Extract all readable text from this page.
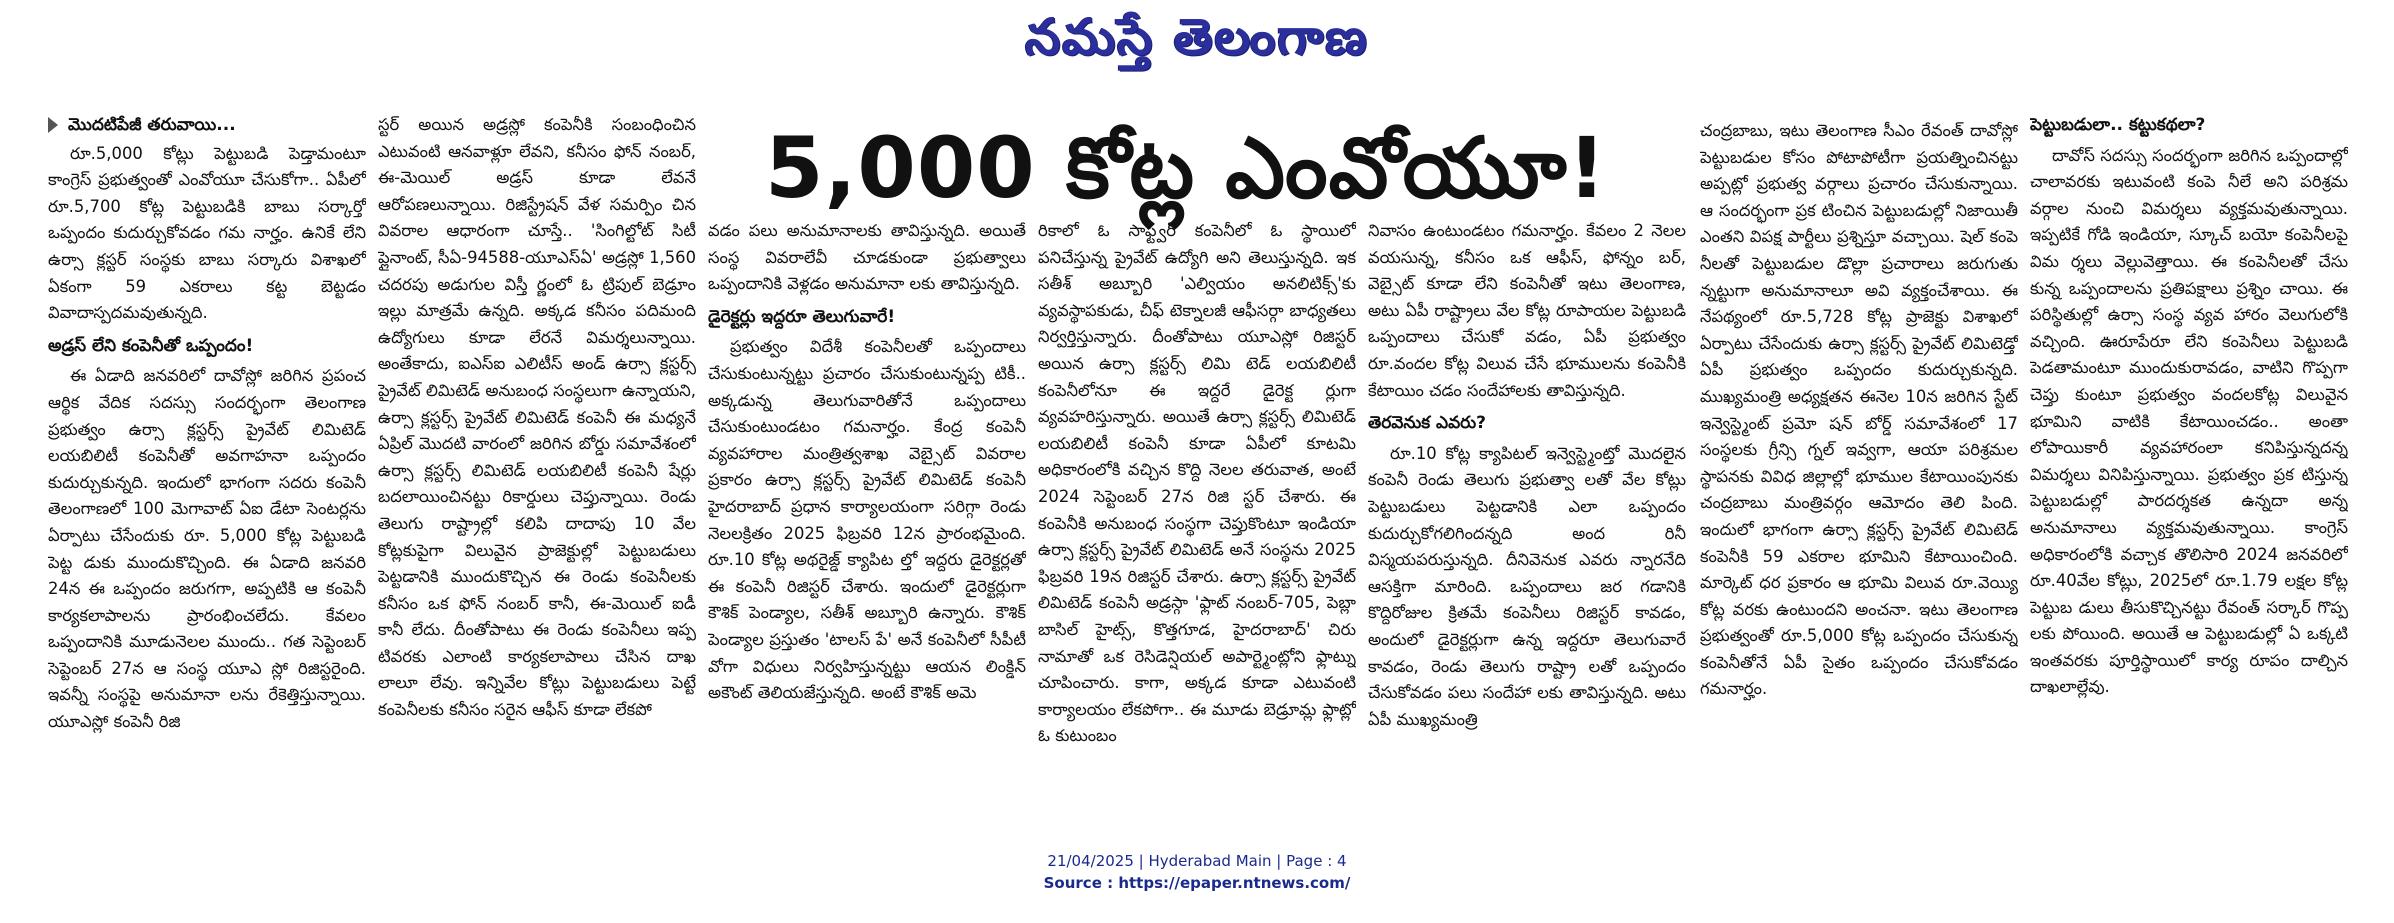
నమస్తే తెలంగాణ
5,000 కోట్ల ఎంవోయూ!
మొదటిపేజీ తరువాయి...

రూ.5,000 కోట్లు పెట్టుబడి పెడ్తామంటూ కాంగ్రెస్ ప్రభుత్వంతో ఎంవోయూ చేసుకోగా.. ఏపీలో రూ.5,700 కోట్ల పెట్టుబడికి బాబు సర్కార్తో ఒప్పందం కుదుర్చుకోవడం గమ నార్హం. ఉనికే లేని ఉర్సా క్లస్టర్ సంస్థకు బాబు సర్కారు విశాఖలో ఏకంగా 59 ఎకరాలు కట్ట బెట్టడం వివాదాస్పదమవుతున్నది.

అడ్రస్ లేని కంపెనీతో ఒప్పందం!

ఈ ఏడాది జనవరిలో దావోస్లో జరిగిన ప్రపంచ ఆర్థిక వేదిక సదస్సు సందర్భంగా తెలంగాణ ప్రభుత్వం ఉర్సా క్లస్టర్స్ ప్రైవేట్ లిమిటెడ్ లయబిలిటీ కంపెనీతో అవగాహనా ఒప్పందం కుదుర్చుకున్నది. ఇందులో భాగంగా సదరు కంపెనీ తెలంగాణలో 100 మెగావాట్ ఏఐ డేటా సెంటర్లను ఏర్పాటు చేసేందుకు రూ. 5,000 కోట్ల పెట్టుబడి పెట్ట డుకు ముందుకొచ్చింది. ఈ ఏడాది జనవరి 24న ఈ ఒప్పందం జరుగగా, అప్పటికి ఆ కంపెనీ కార్యకలాపాలను ప్రారంభించలేదు. కేవలం ఒప్పందానికి మూడునెలల ముందు.. గత సెప్టెంబర్ సెప్టెంబర్ 27న ఆ సంస్థ యూఎ స్లో రిజిస్టరైంది. ఇవన్నీ సంస్థపై అనుమానా లను రేకెత్తిస్తున్నాయి. యూఎస్లో కంపెనీ రిజి

స్టర్ అయిన అడ్రస్లో కంపెనీకి సంబంధించిన ఎటువంటి ఆనవాళ్లూ లేవని, కనీసం ఫోన్ నంబర్, ఈ-మెయిల్ అడ్రస్ కూడా లేవనే ఆరోపణలున్నాయి. రిజిస్ట్రేషన్ వేళ సమర్పిం చిన వివరాల ఆధారంగా చూస్తే.. 'సింగిల్టోట్ సిటీ ప్లైనాంట్, సీఏ-94588-యూఎస్ఏ' అడ్రస్లో 1,560 చదరపు అడుగుల విస్తీ ర్ణంలో ఓ ట్రిపుల్ బెడ్రూం ఇల్లు మాత్రమే ఉన్నది. అక్కడ కనీసం పదిమంది ఉద్యోగులు కూడా లేరనే విమర్శలున్నాయి. అంతేకాదు, ఐఎస్ఐ ఎలిటీస్ అండ్ ఉర్సా క్లస్టర్స్ ప్రైవేట్ లిమిటెడ్ అనుబంధ సంస్థలుగా ఉన్నాయని, ఉర్సా క్లస్టర్స్ ప్రైవేట్ లిమిటెడ్ కంపెనీ ఈ మధ్యనే ఏప్రిల్ మొదటి వారంలో జరిగిన బోర్డు సమావేశంలో ఉర్సా క్లస్టర్స్ లిమిటెడ్ లయబిలిటీ కంపెనీ షేర్లు బదలాయించినట్టు రికార్డులు చెప్తున్నాయి. రెండు తెలుగు రాష్ట్రాల్లో కలిపి దాదాపు 10 వేల కోట్లకుపైగా విలువైన ప్రాజెక్టుల్లో పెట్టుబడులు పెట్టడానికి ముందుకొచ్చిన ఈ రెండు కంపెనీలకు కనీసం ఒక ఫోన్ నంబర్ కానీ, ఈ-మెయిల్ ఐడీ కానీ లేదు. దీంతోపాటు ఈ రెండు కంపెనీలు ఇప్ప టివరకు ఎలాంటి కార్యకలాపాలు చేసిన దాఖ లాలూ లేవు. ఇన్నివేల కోట్లు పెట్టుబడులు పెట్టే కంపెనీలకు కనీసం సరైన ఆఫీస్ కూడా లేకపో

వడం పలు అనుమానాలకు తావిస్తున్నది. అయితే సంస్థ వివరాలేవీ చూడకుండా ప్రభుత్వాలు ఒప్పందానికి వెళ్లడం అనుమానా లకు తావిస్తున్నది.

డైరెక్టర్లు ఇద్దరూ తెలుగువారే!

ప్రభుత్వం విదేశీ కంపెనీలతో ఒప్పందాలు చేసుకుంటున్నట్టు ప్రచారం చేసుకుంటున్నప్ప టికీ.. అక్కడున్న తెలుగువారితోనే ఒప్పందాలు చేసుకుంటుండటం గమనార్హం. కేంద్ర కంపెనీ వ్యవహారాల మంత్రిత్వశాఖ వెబ్సైట్ వివరాల ప్రకారం ఉర్సా క్లస్టర్స్ ప్రైవేట్ లిమిటెడ్ కంపెనీ హైదరాబాద్ ప్రధాన కార్యాలయంగా సరిగ్గా రెండు నెలలక్రితం 2025 ఫిబ్రవరి 12న ప్రారంభమైంది. రూ.10 కోట్ల అథరైజ్డ్ క్యాపిట ల్తో ఇద్దరు డైరెక్టర్లతో ఈ కంపెనీ రిజిస్టర్ చేశారు. ఇందులో డైరెక్టర్లుగా కౌశిక్ పెండ్యాల, సతీశ్ అబ్బూరి ఉన్నారు. కౌశిక్ పెండ్యాల ప్రస్తుతం 'టాలస్ పే' అనే కంపెనీలో సీపీటీ వోగా విధులు నిర్వహిస్తున్నట్టు ఆయన లింక్డిన్ అకౌంట్ తెలియజేస్తున్నది. అంటే కౌశిక్ అమె

రికాలో ఓ సాఫ్ట్వేర్ కంపెనీలో ఓ స్థాయిలో పనిచేస్తున్న ప్రైవేట్ ఉద్యోగి అని తెలుస్తున్నది. ఇక సతీశ్ అబ్బూరి 'ఎల్వియం అనలిటిక్స్'కు వ్యవస్థాపకుడు, చీఫ్ టెక్నాలజీ ఆఫీసర్గా బాధ్యతలు నిర్వర్తిస్తున్నారు. దీంతోపాటు యూఎస్లో రిజిస్టర్ అయిన ఉర్సా క్లస్టర్స్ లిమి టెడ్ లయబిలిటీ కంపెనీలోనూ ఈ ఇద్దరే డైరెక్ట ర్లుగా వ్యవహరిస్తున్నారు. అయితే ఉర్సా క్లస్టర్స్ లిమిటెడ్ లయబిలిటీ కంపెనీ కూడా ఏపీలో కూటమి అధికారంలోకి వచ్చిన కొద్ది నెలల తరువాత, అంటే 2024 సెప్టెంబర్ 27న రిజి స్టర్ చేశారు. ఈ కంపెనీకి అనుబంధ సంస్థగా చెప్తుకొంటూ ఇండియా ఉర్సా క్లస్టర్స్ ప్రైవేట్ లిమిటెడ్ అనే సంస్థను 2025 ఫిబ్రవరి 19న రిజిస్టర్ చేశారు. ఉర్సా క్లస్టర్స్ ప్రైవేట్ లిమిటెడ్ కంపెనీ అడ్రస్గా 'ఫ్లాట్ నంబర్-705, పెబ్లా బాసిల్ హైట్స్, కొత్తగూడ, హైదరాబాద్' చిరు నామాతో ఒక రెసిడెన్షియల్ అపార్ట్మెంట్లోని ఫ్లాట్ను చూపించారు. కాగా, అక్కడ కూడా ఎటువంటి కార్యాలయం లేకపోగా.. ఈ మూడు బెడ్రూమ్ల ఫ్లాట్లో ఓ కుటుంబం

నివాసం ఉంటుండటం గమనార్హం. కేవలం 2 నెలల వయసున్న, కనీసం ఒక ఆఫీస్, ఫోన్నం బర్, వెబ్సైట్ కూడా లేని కంపెనీతో ఇటు తెలంగాణ, అటు ఏపీ రాష్ట్రాలు వేల కోట్ల రూపాయల పెట్టుబడి ఒప్పందాలు చేసుకో వడం, ఏపీ ప్రభుత్వం రూ.వందల కోట్ల విలువ చేసే భూములను కంపెనీకి కేటాయిం చడం సందేహాలకు తావిస్తున్నది.

తెరవెనుక ఎవరు?

రూ.10 కోట్ల క్యాపిటల్ ఇన్వెస్ట్మెంట్తో మొదలైన కంపెనీ రెండు తెలుగు ప్రభుత్వా లతో వేల కోట్లు పెట్టుబడులు పెట్టడానికి ఎలా ఒప్పందం కుదుర్చుకోగలిగిందన్నది అంద రినీ విస్మయపరుస్తున్నది. దీనివెనుక ఎవరు న్నారనేది ఆసక్తిగా మారింది. ఒప్పందాలు జర గడానికి కొద్దిరోజుల క్రితమే కంపెనీలు రిజిస్టర్ కావడం, అందులో డైరెక్టర్లుగా ఉన్న ఇద్దరూ తెలుగువారే కావడం, రెండు తెలుగు రాష్ట్రా లతో ఒప్పందం చేసుకోవడం పలు సందేహా లకు తావిస్తున్నది. అటు ఏపీ ముఖ్యమంత్రి

చంద్రబాబు, ఇటు తెలంగాణ సీఎం రేవంత్ దావోస్లో పెట్టుబడుల కోసం పోటాపోటీగా ప్రయత్నించినట్టు అప్పట్లో ప్రభుత్వ వర్గాలు ప్రచారం చేసుకున్నాయి. ఆ సందర్భంగా ప్రక టించిన పెట్టుబడుల్లో నిజాయితీ ఎంతని విపక్ష పార్టీలు ప్రశ్నిస్తూ వచ్చాయి. షెల్ కంపె నీలతో పెట్టుబడుల డొల్లా ప్రచారాలు జరుగుతు న్నట్టుగా అనుమానాలూ అవి వ్యక్తంచేశాయి. ఈ నేపథ్యంలో రూ.5,728 కోట్ల ప్రాజెక్టు విశాఖలో ఏర్పాటు చేసేందుకు ఉర్సా క్లస్టర్స్ ప్రైవేట్ లిమిటెడ్తో ఏపీ ప్రభుత్వం ఒప్పందం కుదుర్చుకున్నది. ముఖ్యమంత్రి అధ్యక్షతన ఈనెల 10న జరిగిన స్టేట్ ఇన్వెస్ట్మెంట్ ప్రమో షన్ బోర్డ్ సమావేశంలో 17 సంస్థలకు గ్రీన్సి గ్నల్ ఇవ్వగా, ఆయా పరిశ్రమల స్థాపనకు వివిధ జిల్లాల్లో భూముల కేటాయింపునకు చంద్రబాబు మంత్రివర్గం ఆమోదం తెలి పింది. ఇందులో భాగంగా ఉర్సా క్లస్టర్స్ ప్రైవేట్ లిమిటెడ్ కంపెనీకి 59 ఎకరాల భూమిని కేటాయించింది. మార్కెట్ ధర ప్రకారం ఆ భూమి విలువ రూ.వెయ్యి కోట్ల వరకు ఉంటుందని అంచనా. ఇటు తెలంగాణ ప్రభుత్వంతో రూ.5,000 కోట్ల ఒప్పందం చేసుకున్న కంపెనీతోనే ఏపీ సైతం ఒప్పందం చేసుకోవడం గమనార్హం.

పెట్టుబడులా.. కట్టుకథలా?

దావోస్ సదస్సు సందర్భంగా జరిగిన ఒప్పందాల్లో చాలావరకు ఇటువంటి కంపె నీలే అని పరిశ్రమ వర్గాల నుంచి విమర్శలు వ్యక్తమవుతున్నాయి. ఇప్పటికే గోడి ఇండియా, స్కూచ్ బయో కంపెనీలపై విమ ర్శలు వెల్లువెత్తాయి. ఈ కంపెనీలతో చేసు కున్న ఒప్పందాలను ప్రతిపక్షాలు ప్రశ్నిం చాయి. ఈ పరిస్థితుల్లో ఉర్సా సంస్థ వ్యవ హారం వెలుగులోకి వచ్చింది. ఊరూపేరూ లేని కంపెనీలు పెట్టుబడి పెడతామంటూ ముందుకురావడం, వాటిని గొప్పగా చెప్తు కుంటూ ప్రభుత్వం వందలకోట్ల విలువైన భూమిని వాటికి కేటాయించడం.. అంతా లోపాయికారీ వ్యవహారంలా కనిపిస్తున్నదన్న విమర్శలు వినిపిస్తున్నాయి. ప్రభుత్వం ప్రక టిస్తున్న పెట్టుబడుల్లో పారదర్శకత ఉన్నదా అన్న అనుమానాలు వ్యక్తమవుతున్నాయి. కాంగ్రెస్ అధికారంలోకి వచ్చాక తొలిసారి 2024 జనవరిలో రూ.40వేల కోట్లు, 2025లో రూ.1.79 లక్షల కోట్ల పెట్టుబ డులు తీసుకొచ్చినట్టు రేవంత్ సర్కార్ గొప్ప లకు పోయింది. అయితే ఆ పెట్టుబడుల్లో ఏ ఒక్కటి ఇంతవరకు పూర్తిస్థాయిలో కార్య రూపం దాల్చిన దాఖలాల్లేవు.

21/04/2025 | Hyderabad Main | Page : 4
Source : https://epaper.ntnews.com/
